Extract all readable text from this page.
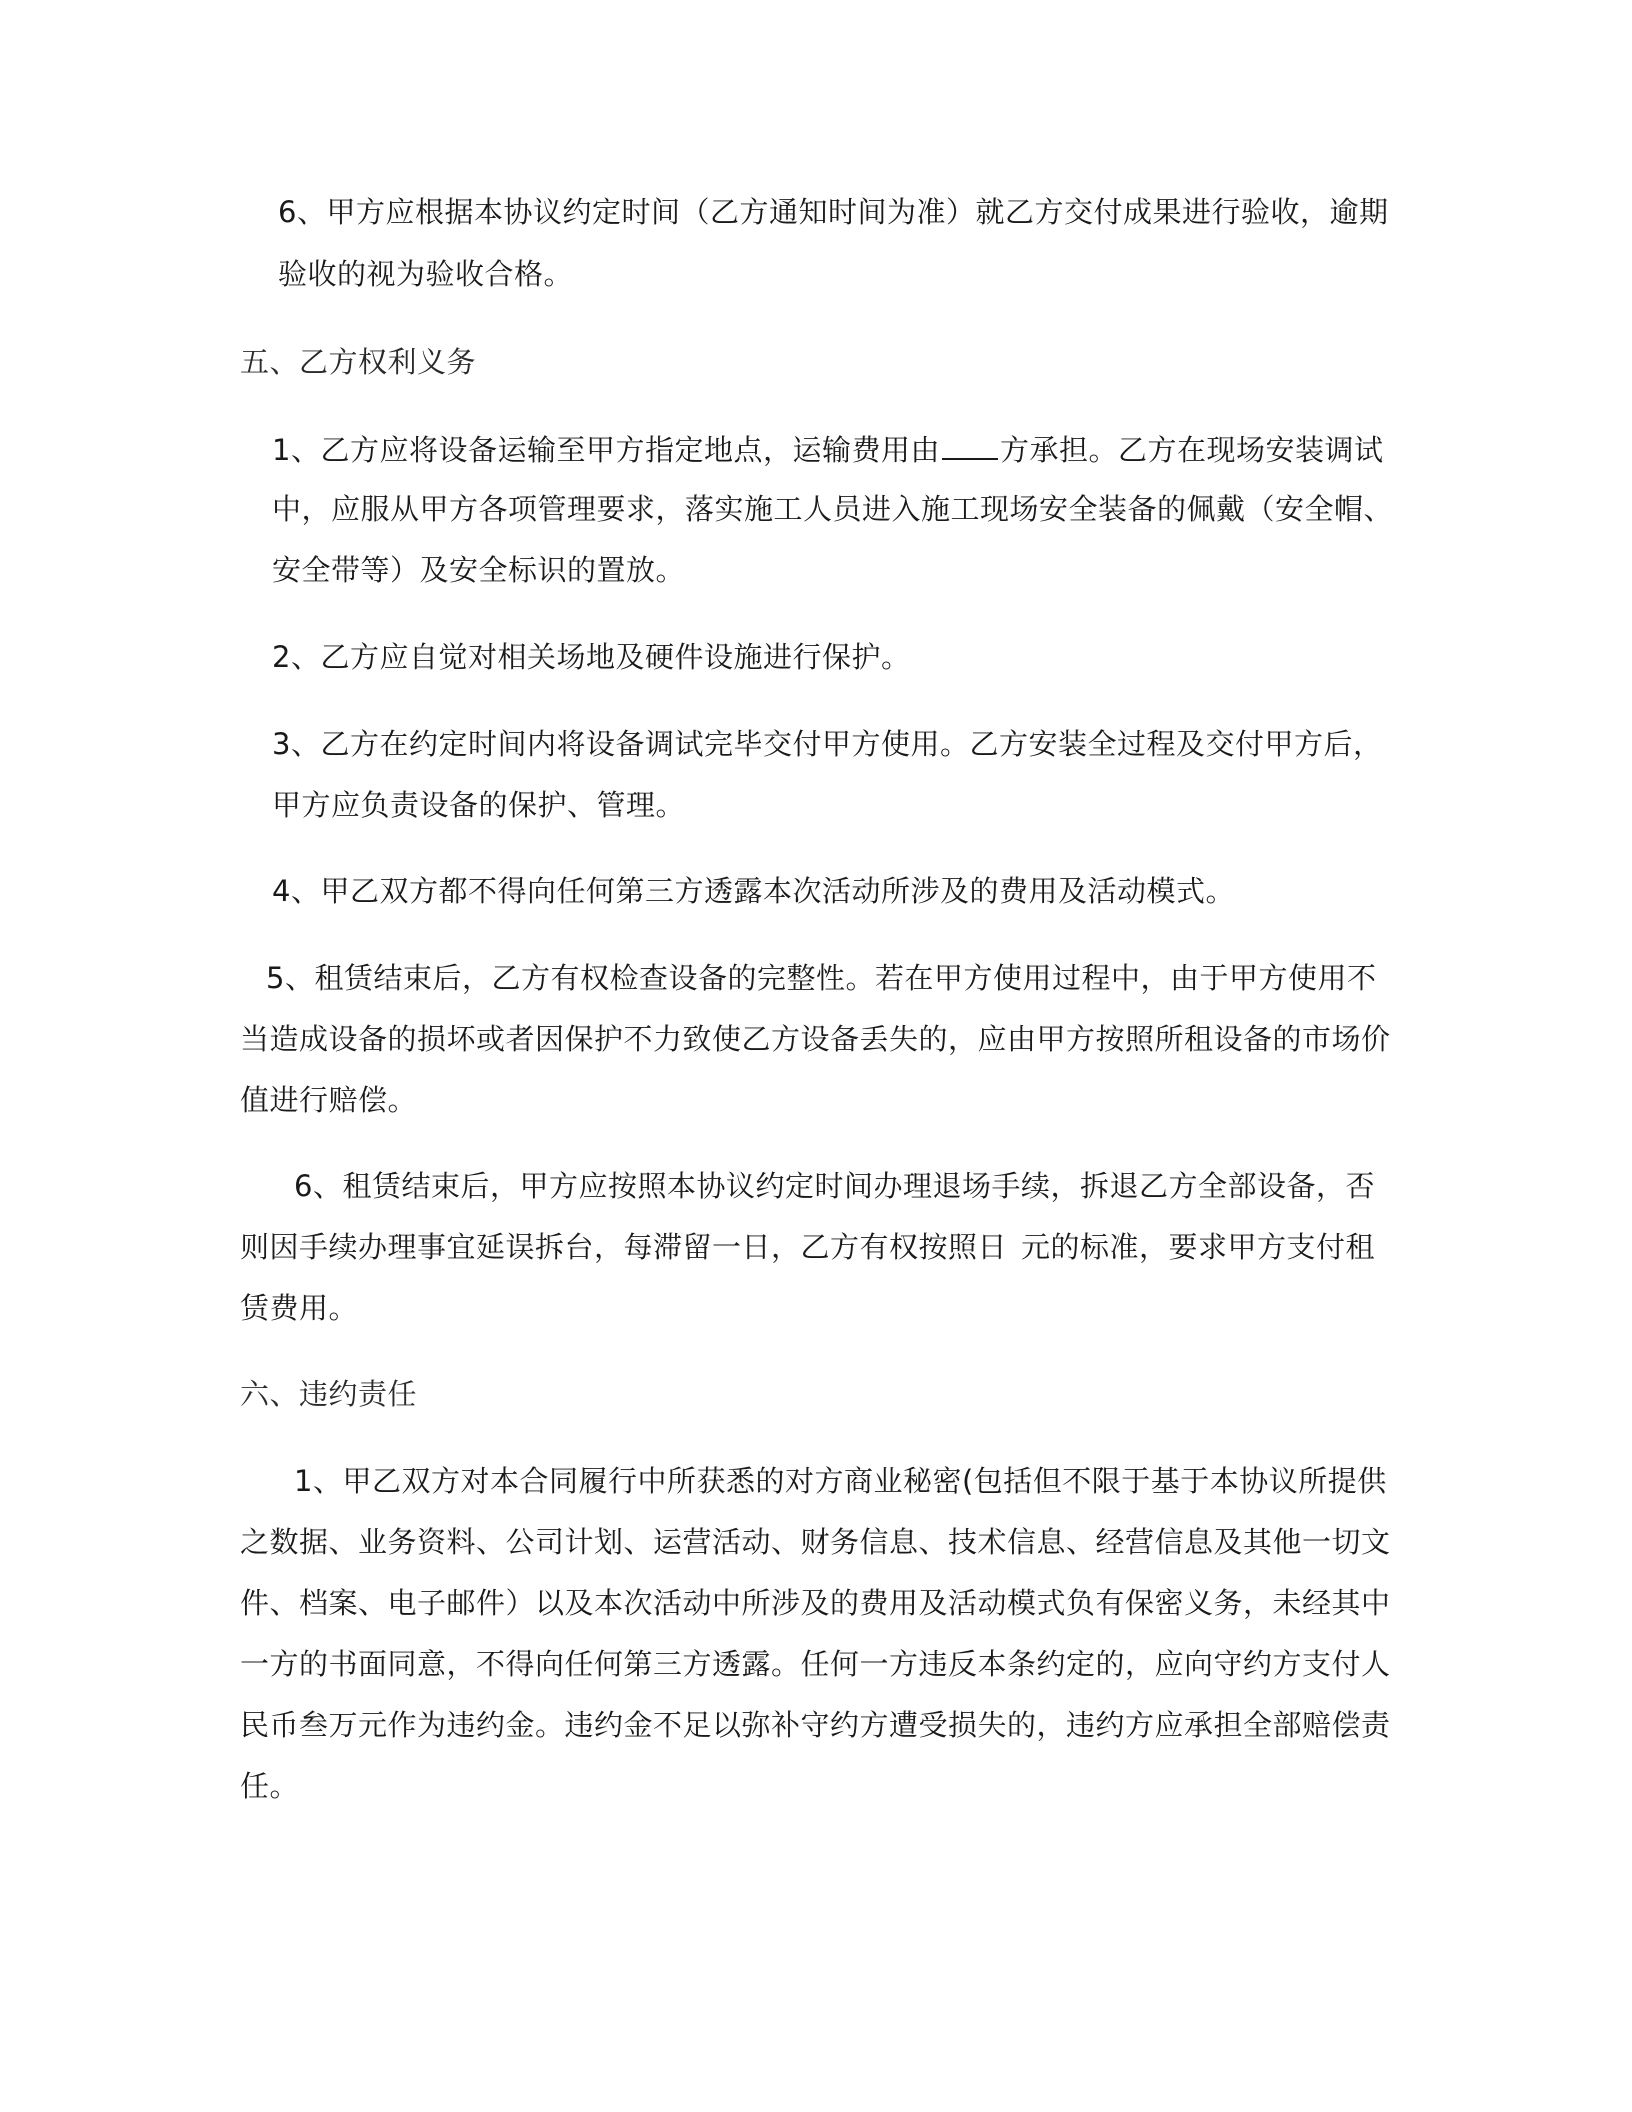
6、甲方应根据本协议约定时间（乙方通知时间为准）就乙方交付成果进行验收，逾期
验收的视为验收合格。
五、乙方权利义务
1、乙方应将设备运输至甲方指定地点，运输费用由 方承担。乙方在现场安装调试
中，应服从甲方各项管理要求，落实施工人员进入施工现场安全装备的佩戴（安全帽、
安全带等）及安全标识的置放。
2、乙方应自觉对相关场地及硬件设施进行保护。
3、乙方在约定时间内将设备调试完毕交付甲方使用。乙方安装全过程及交付甲方后，
甲方应负责设备的保护、管理。
4、甲乙双方都不得向任何第三方透露本次活动所涉及的费用及活动模式。
5、租赁结束后，乙方有权检查设备的完整性。若在甲方使用过程中，由于甲方使用不
当造成设备的损坏或者因保护不力致使乙方设备丢失的，应由甲方按照所租设备的市场价
值进行赔偿。
6、租赁结束后，甲方应按照本协议约定时间办理退场手续，拆退乙方全部设备，否
则因手续办理事宜延误拆台，每滞留一日，乙方有权按照日 元的标准，要求甲方支付租
赁费用。
六、违约责任
1、甲乙双方对本合同履行中所获悉的对方商业秘密(包括但不限于基于本协议所提供
之数据、业务资料、公司计划、运营活动、财务信息、技术信息、经营信息及其他一切文
件、档案、电子邮件）以及本次活动中所涉及的费用及活动模式负有保密义务，未经其中
一方的书面同意，不得向任何第三方透露。任何一方违反本条约定的，应向守约方支付人
民币叁万元作为违约金。违约金不足以弥补守约方遭受损失的，违约方应承担全部赔偿责
任。
